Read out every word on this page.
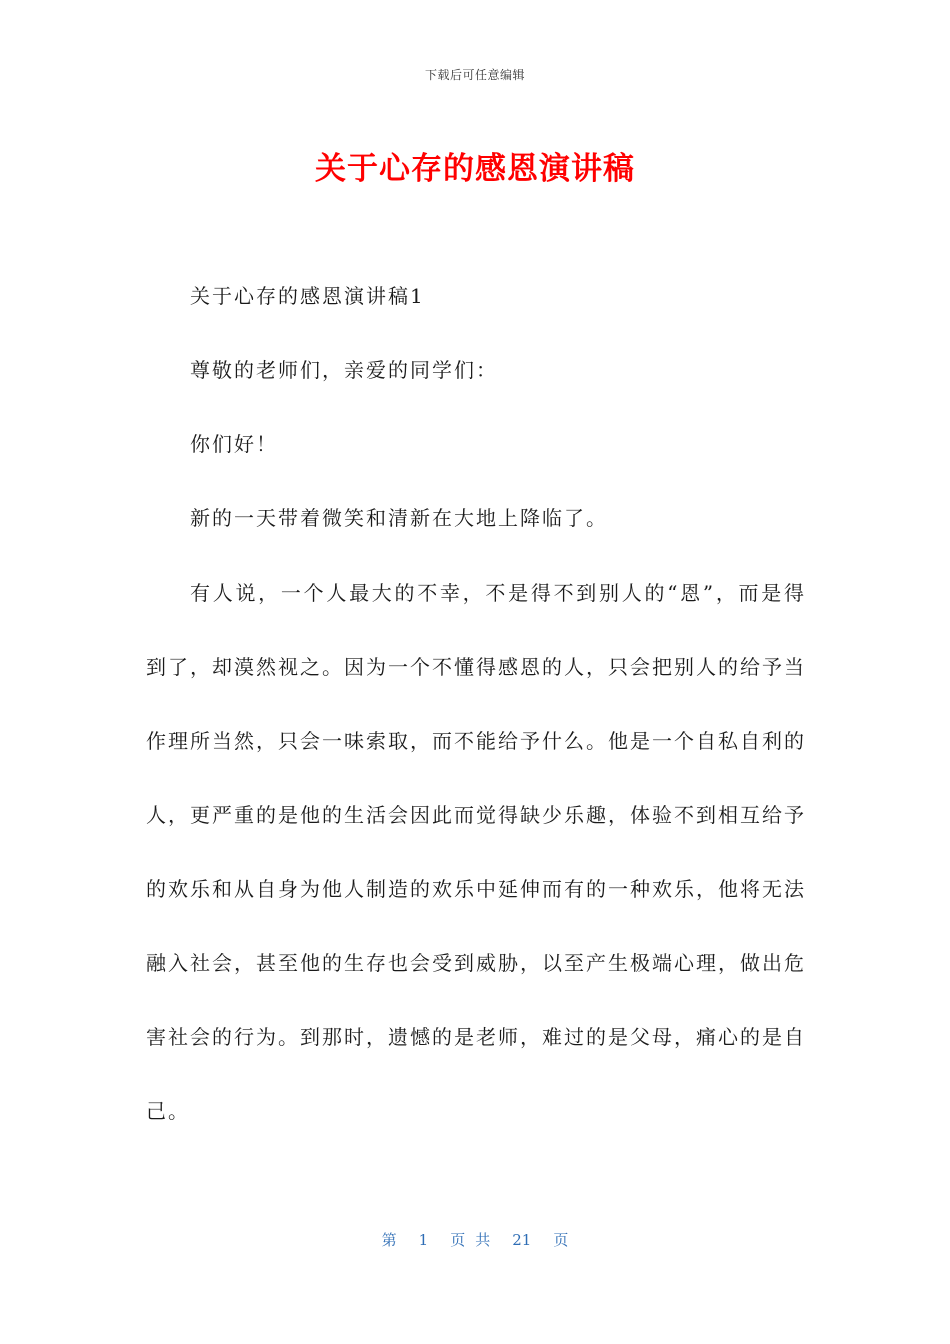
下载后可任意编辑
关于心存的感恩演讲稿

关于心存的感恩演讲稿1

尊敬的老师们，亲爱的同学们：

你们好！

新的一天带着微笑和清新在大地上降临了。

有人说，一个人最大的不幸，不是得不到别人的“恩”，而是得到了，却漠然视之。因为一个不懂得感恩的人，只会把别人的给予当作理所当然，只会一味索取，而不能给予什么。他是一个自私自利的人，更严重的是他的生活会因此而觉得缺少乐趣，体验不到相互给予的欢乐和从自身为他人制造的欢乐中延伸而有的一种欢乐，他将无法融入社会，甚至他的生存也会受到威胁，以至产生极端心理，做出危害社会的行为。到那时，遗憾的是老师，难过的是父母，痛心的是自己。

第 1 页 共 21 页
